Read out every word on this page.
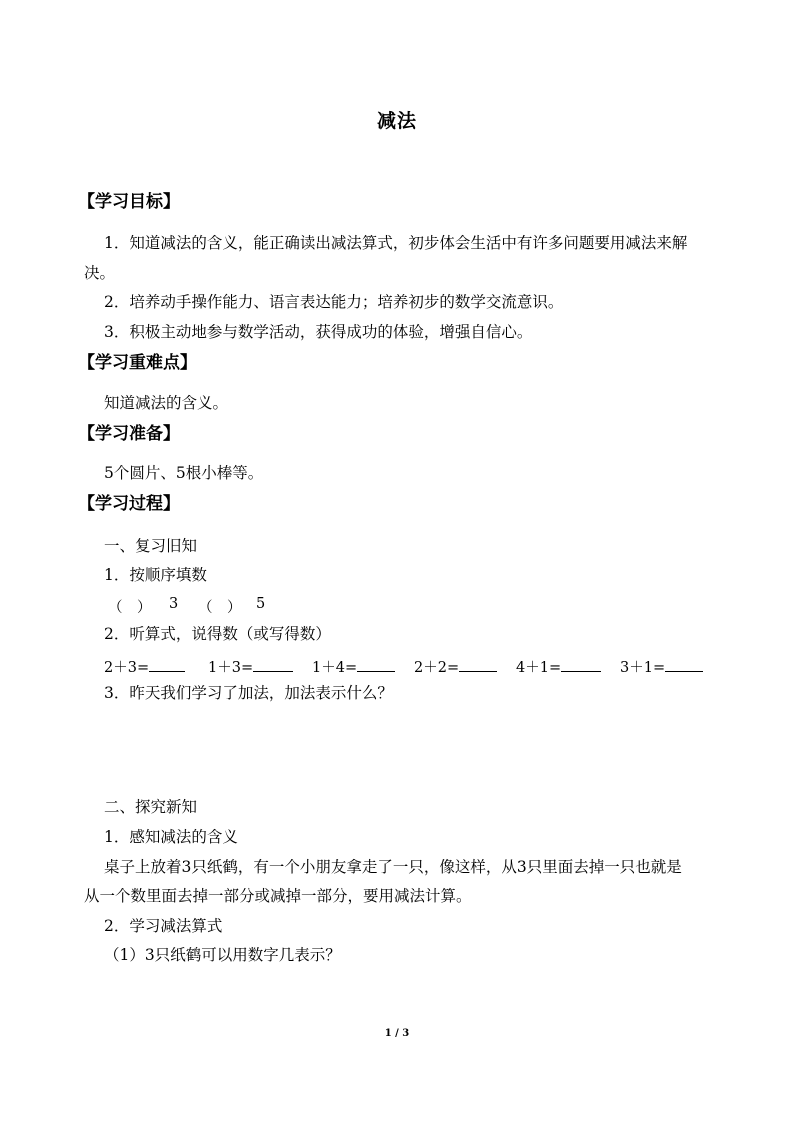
减法
【学习目标】
1．知道减法的含义，能正确读出减法算式，初步体会生活中有许多问题要用减法来解
决。
2．培养动手操作能力、语言表达能力；培养初步的数学交流意识。
3．积极主动地参与数学活动，获得成功的体验，增强自信心。
【学习重难点】
知道减法的含义。
【学习准备】
5个圆片、5根小棒等。
【学习过程】
一、复习旧知
1．按顺序填数
（　） 3 （　） 5
2．听算式，说得数（或写得数）
2＋3=	1＋3=	1＋4=	2＋2=	4＋1=	3＋1=
3．昨天我们学习了加法，加法表示什么？
二、探究新知
1．感知减法的含义
桌子上放着3只纸鹤，有一个小朋友拿走了一只，像这样，从3只里面去掉一只也就是
从一个数里面去掉一部分或减掉一部分，要用减法计算。
2．学习减法算式
（1）3只纸鹤可以用数字几表示？
1 / 3
